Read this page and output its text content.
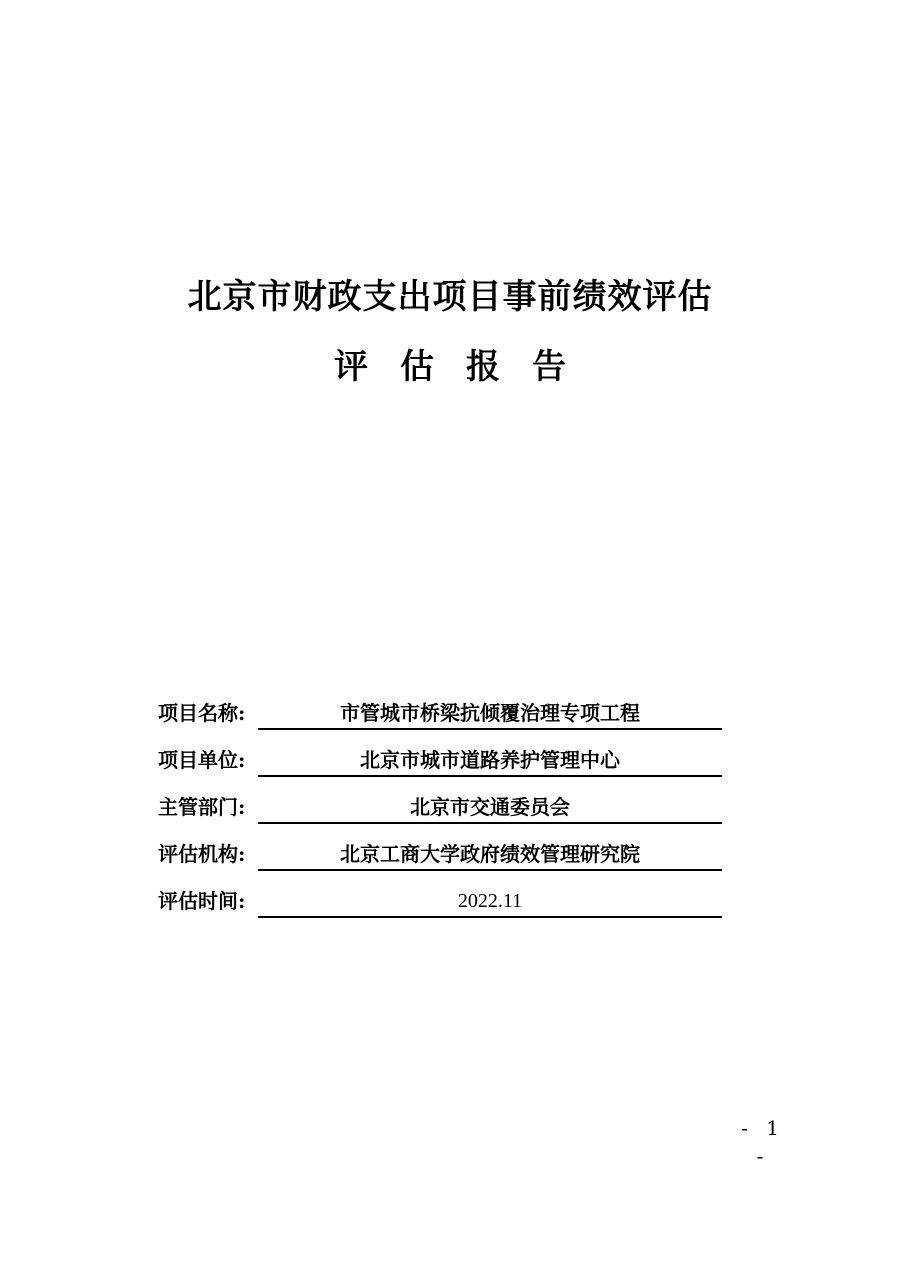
北京市财政支出项目事前绩效评估
评估报告
项目名称:	市管城市桥梁抗倾覆治理专项工程
项目单位:	北京市城市道路养护管理中心
主管部门:	北京市交通委员会
评估机构:	北京工商大学政府绩效管理研究院
评估时间:	2022.11
- 1 -
